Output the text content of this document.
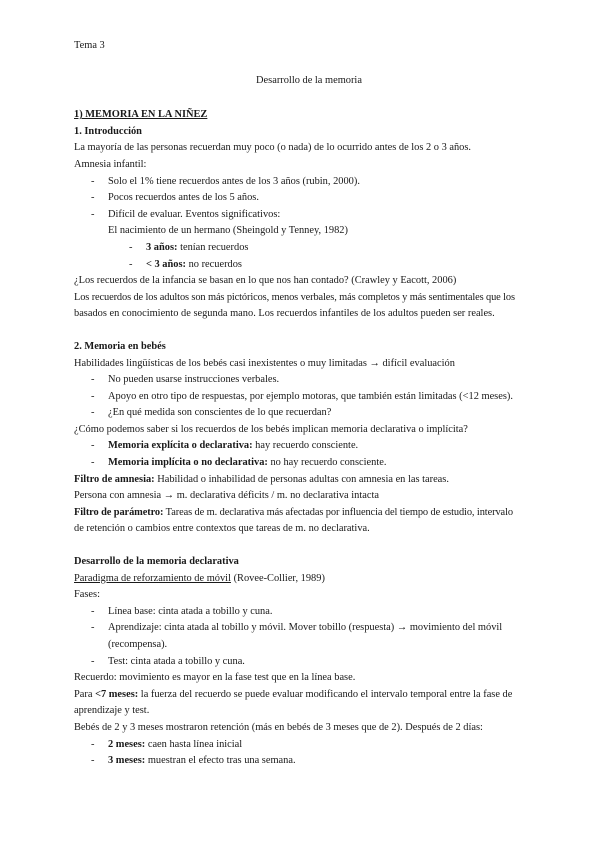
Tema 3
Desarrollo de la memoria
1) MEMORIA EN LA NIÑEZ
1. Introducción
La mayoría de las personas recuerdan muy poco (o nada) de lo ocurrido antes de los 2 o 3 años.
Amnesia infantil:
- Solo el 1% tiene recuerdos antes de los 3 años (rubin, 2000).
- Pocos recuerdos antes de los 5 años.
- Difícil de evaluar. Eventos significativos:
El nacimiento de un hermano (Sheingold y Tenney, 1982)
- 3 años: tenían recuerdos
- < 3 años: no recuerdos
¿Los recuerdos de la infancia se basan en lo que nos han contado? (Crawley y Eacott, 2006)
Los recuerdos de los adultos son más pictóricos, menos verbales, más completos y más sentimentales que los
basados en conocimiento de segunda mano. Los recuerdos infantiles de los adultos pueden ser reales.
2. Memoria en bebés
Habilidades lingüísticas de los bebés casi inexistentes o muy limitadas → difícil evaluación
- No pueden usarse instrucciones verbales.
- Apoyo en otro tipo de respuestas, por ejemplo motoras, que también están limitadas (<12 meses).
- ¿En qué medida son conscientes de lo que recuerdan?
¿Cómo podemos saber si los recuerdos de los bebés implican memoria declarativa o implícita?
- Memoria explícita o declarativa: hay recuerdo consciente.
- Memoria implícita o no declarativa: no hay recuerdo consciente.
Filtro de amnesia: Habilidad o inhabilidad de personas adultas con amnesia en las tareas.
Persona con amnesia → m. declarativa déficits / m. no declarativa intacta
Filtro de parámetro: Tareas de m. declarativa más afectadas por influencia del tiempo de estudio, intervalo
de retención o cambios entre contextos que tareas de m. no declarativa.
Desarrollo de la memoria declarativa
Paradigma de reforzamiento de móvil (Rovee-Collier, 1989)
Fases:
- Línea base: cinta atada a tobillo y cuna.
- Aprendizaje: cinta atada al tobillo y móvil. Mover tobillo (respuesta) → movimiento del móvil
(recompensa).
- Test: cinta atada a tobillo y cuna.
Recuerdo: movimiento es mayor en la fase test que en la línea base.
Para <7 meses: la fuerza del recuerdo se puede evaluar modificando el intervalo temporal entre la fase de
aprendizaje y test.
Bebés de 2 y 3 meses mostraron retención (más en bebés de 3 meses que de 2). Después de 2 días:
- 2 meses: caen hasta línea inicial
- 3 meses: muestran el efecto tras una semana.
